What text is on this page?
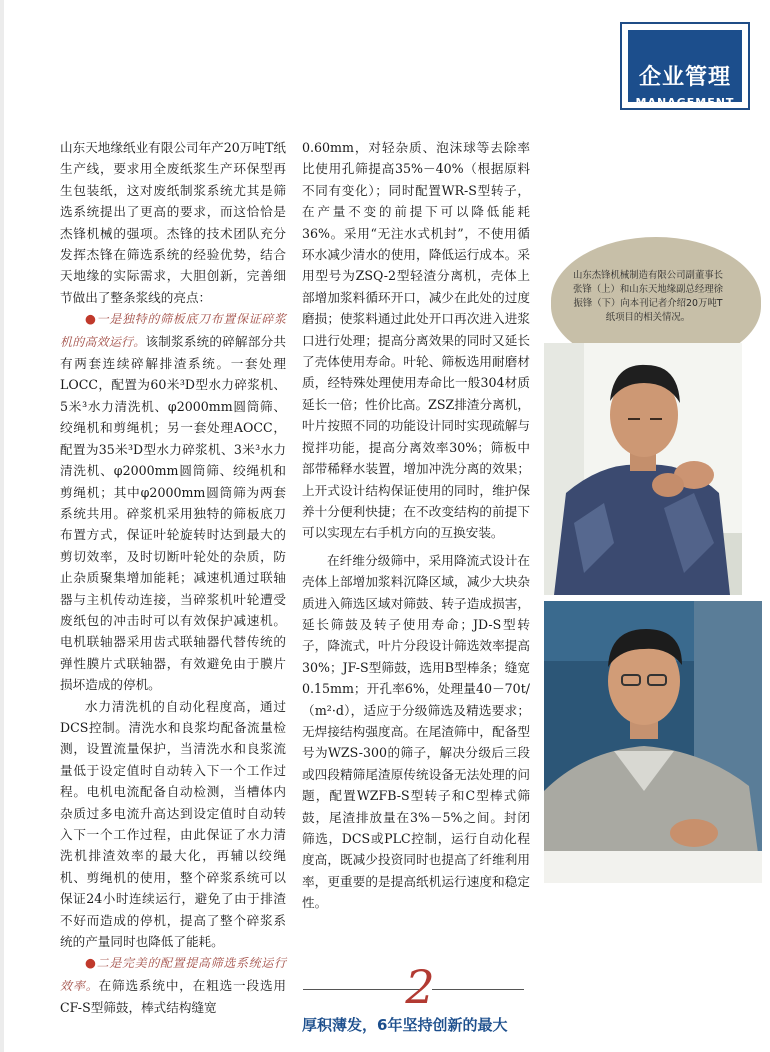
企业管理
MANAGEMENT

山东天地缘纸业有限公司年产20万吨T纸生产线，要求用全废纸浆生产环保型再生包装纸，这对废纸制浆系统尤其是筛选系统提出了更高的要求，而这恰恰是杰锋机械的强项。杰锋的技术团队充分发挥杰锋在筛选系统的经验优势，结合天地缘的实际需求，大胆创新，完善细节做出了整条浆线的亮点：

●一是独特的筛板底刀布置保证碎浆机的高效运行。该制浆系统的碎解部分共有两套连续碎解排渣系统。一套处理LOCC，配置为60米³D型水力碎浆机、5米³水力清洗机、φ2000mm圆筒筛、绞绳机和剪绳机；另一套处理AOCC，配置为35米³D型水力碎浆机、3米³水力清洗机、φ2000mm圆筒筛、绞绳机和剪绳机；其中φ2000mm圆筒筛为两套系统共用。碎浆机采用独特的筛板底刀布置方式，保证叶轮旋转时达到最大的剪切效率，及时切断叶轮处的杂质，防止杂质聚集增加能耗；减速机通过联轴器与主机传动连接，当碎浆机叶轮遭受废纸包的冲击时可以有效保护减速机。电机联轴器采用齿式联轴器代替传统的弹性膜片式联轴器，有效避免由于膜片损坏造成的停机。

水力清洗机的自动化程度高，通过DCS控制。清洗水和良浆均配备流量检测，设置流量保护，当清洗水和良浆流量低于设定值时自动转入下一个工作过程。电机电流配备自动检测，当槽体内杂质过多电流升高达到设定值时自动转入下一个工作过程，由此保证了水力清洗机排渣效率的最大化，再辅以绞绳机、剪绳机的使用，整个碎浆系统可以保证24小时连续运行，避免了由于排渣不好而造成的停机，提高了整个碎浆系统的产量同时也降低了能耗。

●二是完美的配置提高筛选系统运行效率。在筛选系统中，在粗选一段选用CF-S型筛鼓，棒式结构缝宽

0.60mm，对轻杂质、泡沫球等去除率比使用孔筛提高35%－40%（根据原料不同有变化）；同时配置WR-S型转子，在产量不变的前提下可以降低能耗36%。采用“无注水式机封”，不使用循环水减少清水的使用，降低运行成本。采用型号为ZSQ-2型轻渣分离机，壳体上部增加浆料循环开口，减少在此处的过度磨损；使浆料通过此处开口再次进入进浆口进行处理；提高分离效果的同时又延长了壳体使用寿命。叶轮、筛板选用耐磨材质，经特殊处理使用寿命比一般304材质延长一倍；性价比高。ZSZ排渣分离机，叶片按照不同的功能设计同时实现疏解与搅拌功能，提高分离效率30%；筛板中部带稀释水装置，增加冲洗分离的效果；上开式设计结构保证使用的同时，维护保养十分便利快捷；在不改变结构的前提下可以实现左右手机方向的互换安装。

在纤维分级筛中，采用降流式设计在壳体上部增加浆料沉降区域，减少大块杂质进入筛选区域对筛鼓、转子造成损害，延长筛鼓及转子使用寿命；JD-S型转子，降流式，叶片分段设计筛选效率提高30%；JF-S型筛鼓，选用B型棒条；缝宽0.15mm；开孔率6%，处理量40－70t/（m²·d），适应于分级筛选及精选要求；无焊接结构强度高。在尾渣筛中，配备型号为WZS-300的筛子，解决分级后三段或四段精筛尾渣原传统设备无法处理的问题，配置WZFB-S型转子和C型棒式筛鼓，尾渣排放量在3%－5%之间。封闭筛选，DCS或PLC控制，运行自动化程度高，既减少投资同时也提高了纤维利用率，更重要的是提高纸机运行速度和稳定性。

山东杰锋机械制造有限公司副董事长张锋（上）和山东天地缘副总经理徐振锋（下）向本刊记者介绍20万吨T纸项目的相关情况。
2
厚积薄发，6年坚持创新的最大
